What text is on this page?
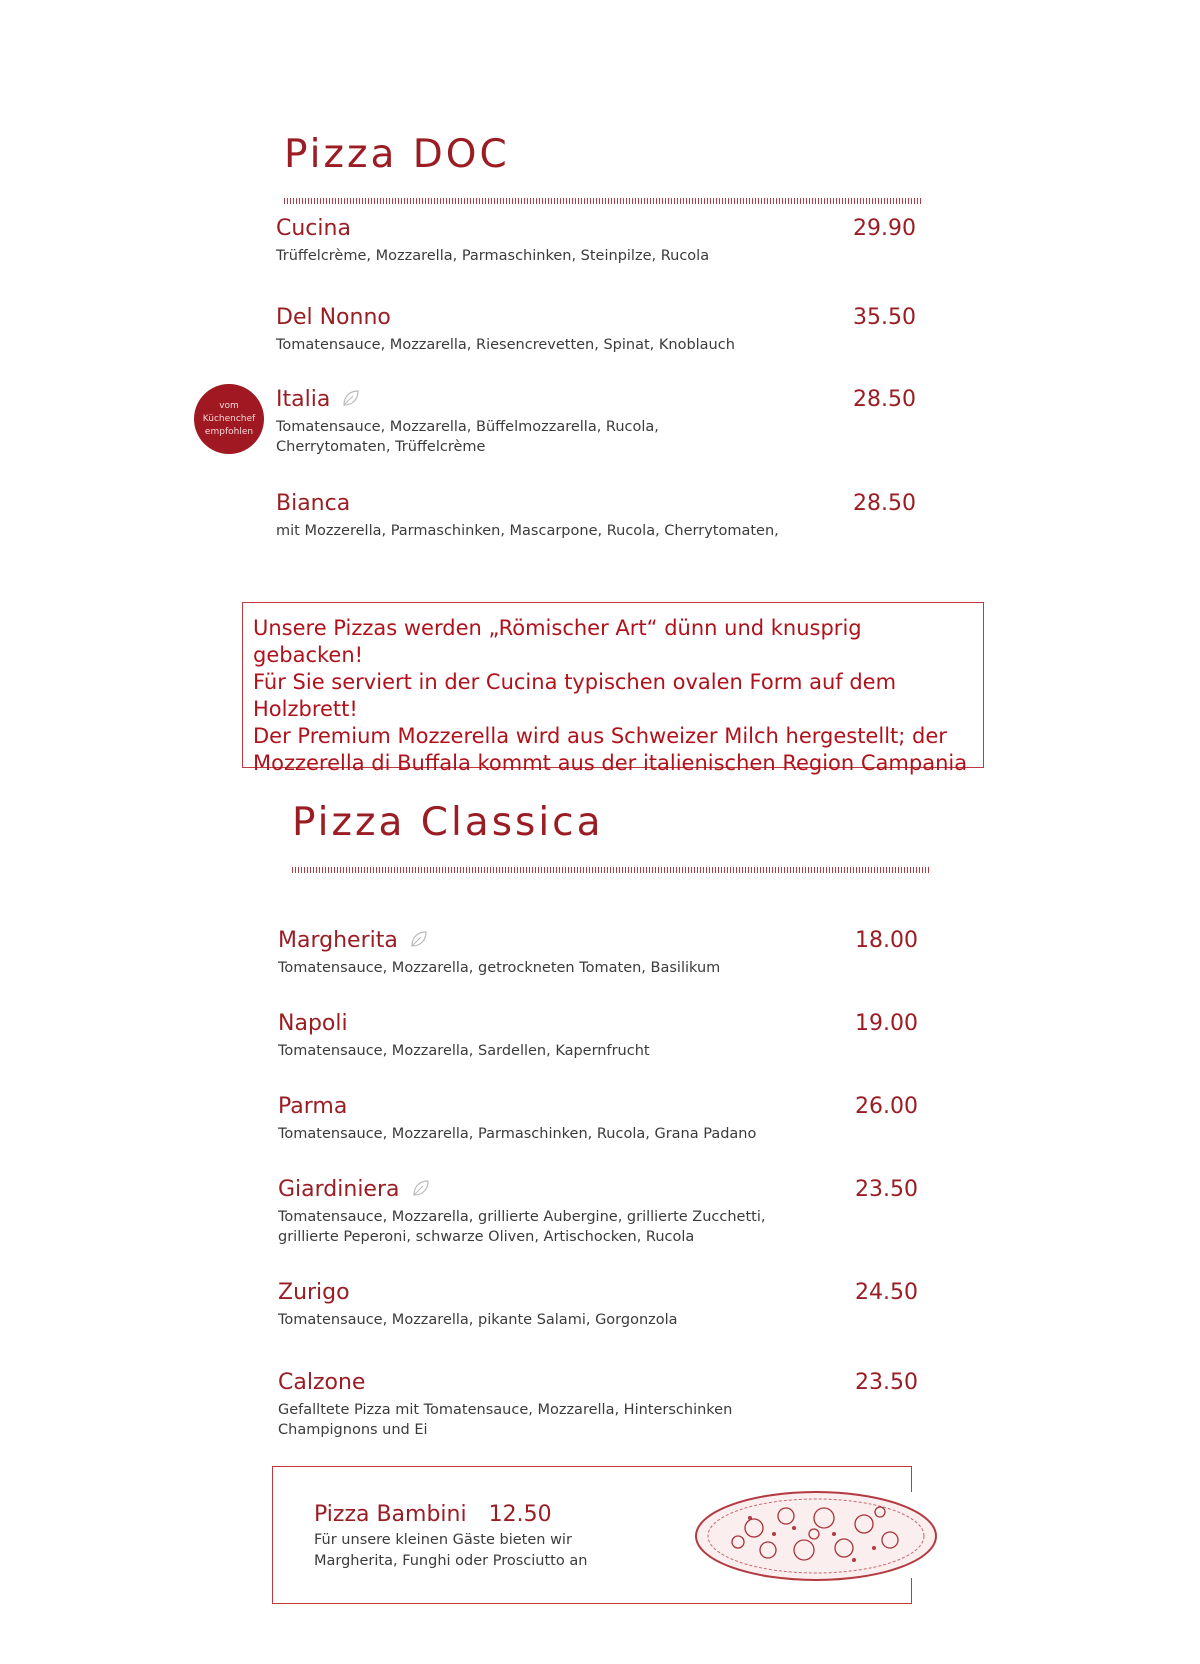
Pizza DOC
Cucina	29.90
Trüffelcrème, Mozzarella, Parmaschinken, Steinpilze, Rucola
Del Nonno	35.50
Tomatensauce, Mozzarella, Riesencrevetten, Spinat, Knoblauch
vom
Küchenchef
empfohlen
Italia	28.50
Tomatensauce, Mozzarella, Büffelmozzarella, Rucola,
Cherrytomaten, Trüffelcrème
Bianca	28.50
mit Mozzerella, Parmaschinken, Mascarpone, Rucola, Cherrytomaten,

Unsere Pizzas werden „Römischer Art“ dünn und knusprig gebacken!

Für Sie serviert in der Cucina typischen ovalen Form auf dem Holzbrett!

Der Premium Mozzerella wird aus Schweizer Milch hergestellt; der

Mozzerella di Buffala kommt aus der italienischen Region Campania

Pizza Classica
Margherita	18.00
Tomatensauce, Mozzarella, getrockneten Tomaten, Basilikum
Napoli	19.00
Tomatensauce, Mozzarella, Sardellen, Kapernfrucht
Parma	26.00
Tomatensauce, Mozzarella, Parmaschinken, Rucola, Grana Padano
Giardiniera	23.50
Tomatensauce, Mozzarella, grillierte Aubergine, grillierte Zucchetti,
grillierte Peperoni, schwarze Oliven, Artischocken, Rucola
Zurigo	24.50
Tomatensauce, Mozzarella, pikante Salami, Gorgonzola
Calzone	23.50
Gefalltete Pizza mit Tomatensauce, Mozzarella, Hinterschinken
Champignons und Ei
Pizza Bambini 12.50
Für unsere kleinen Gäste bieten wir
Margherita, Funghi oder Prosciutto an
